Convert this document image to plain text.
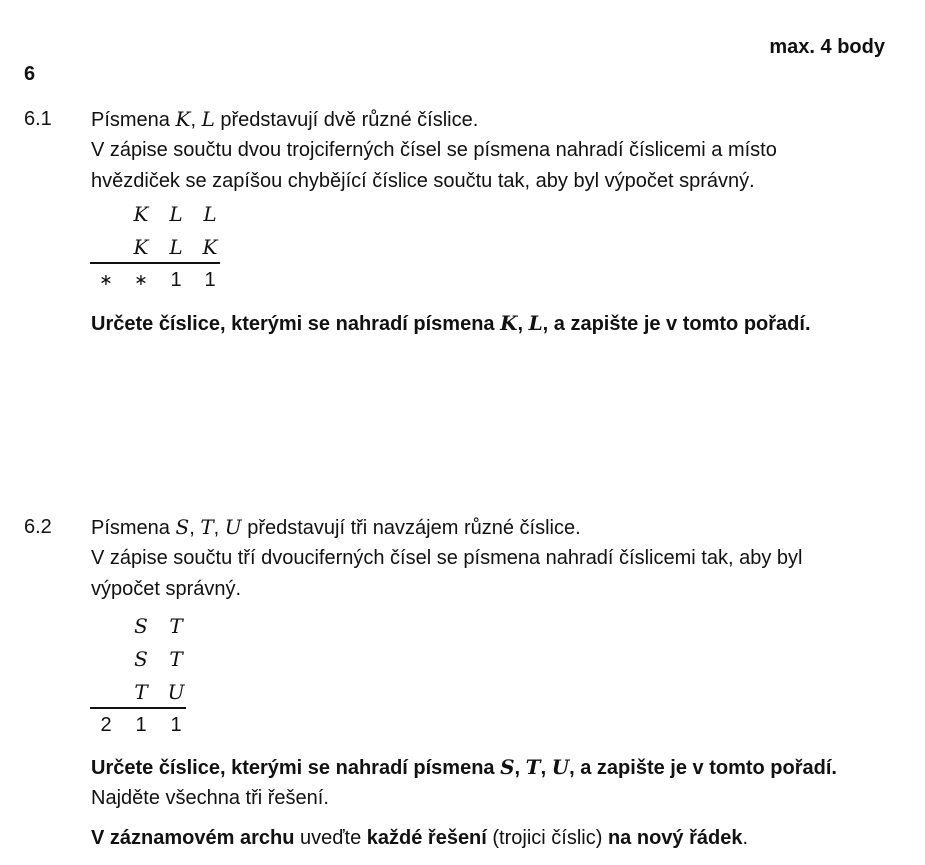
max. 4 body
6
6.1 Písmena K, L představují dvě různé číslice.
V zápise součtu dvou trojciferných čísel se písmena nahradí číslicemi a místo
hvězdiček se zapíšou chybějící číslice součtu tak, aby byl výpočet správný.
K L L
K L K
∗ ∗ 1 1
Určete číslice, kterými se nahradí písmena K, L, a zapište je v tomto pořadí.
6.2 Písmena S, T, U představují tři navzájem různé číslice.
V zápise součtu tří dvouciferných čísel se písmena nahradí číslicemi tak, aby byl
výpočet správný.
S T
S T
T U
2 1 1
Určete číslice, kterými se nahradí písmena S, T, U, a zapište je v tomto pořadí.
Najděte všechna tři řešení.
V záznamovém archu uveďte každé řešení (trojici číslic) na nový řádek.
